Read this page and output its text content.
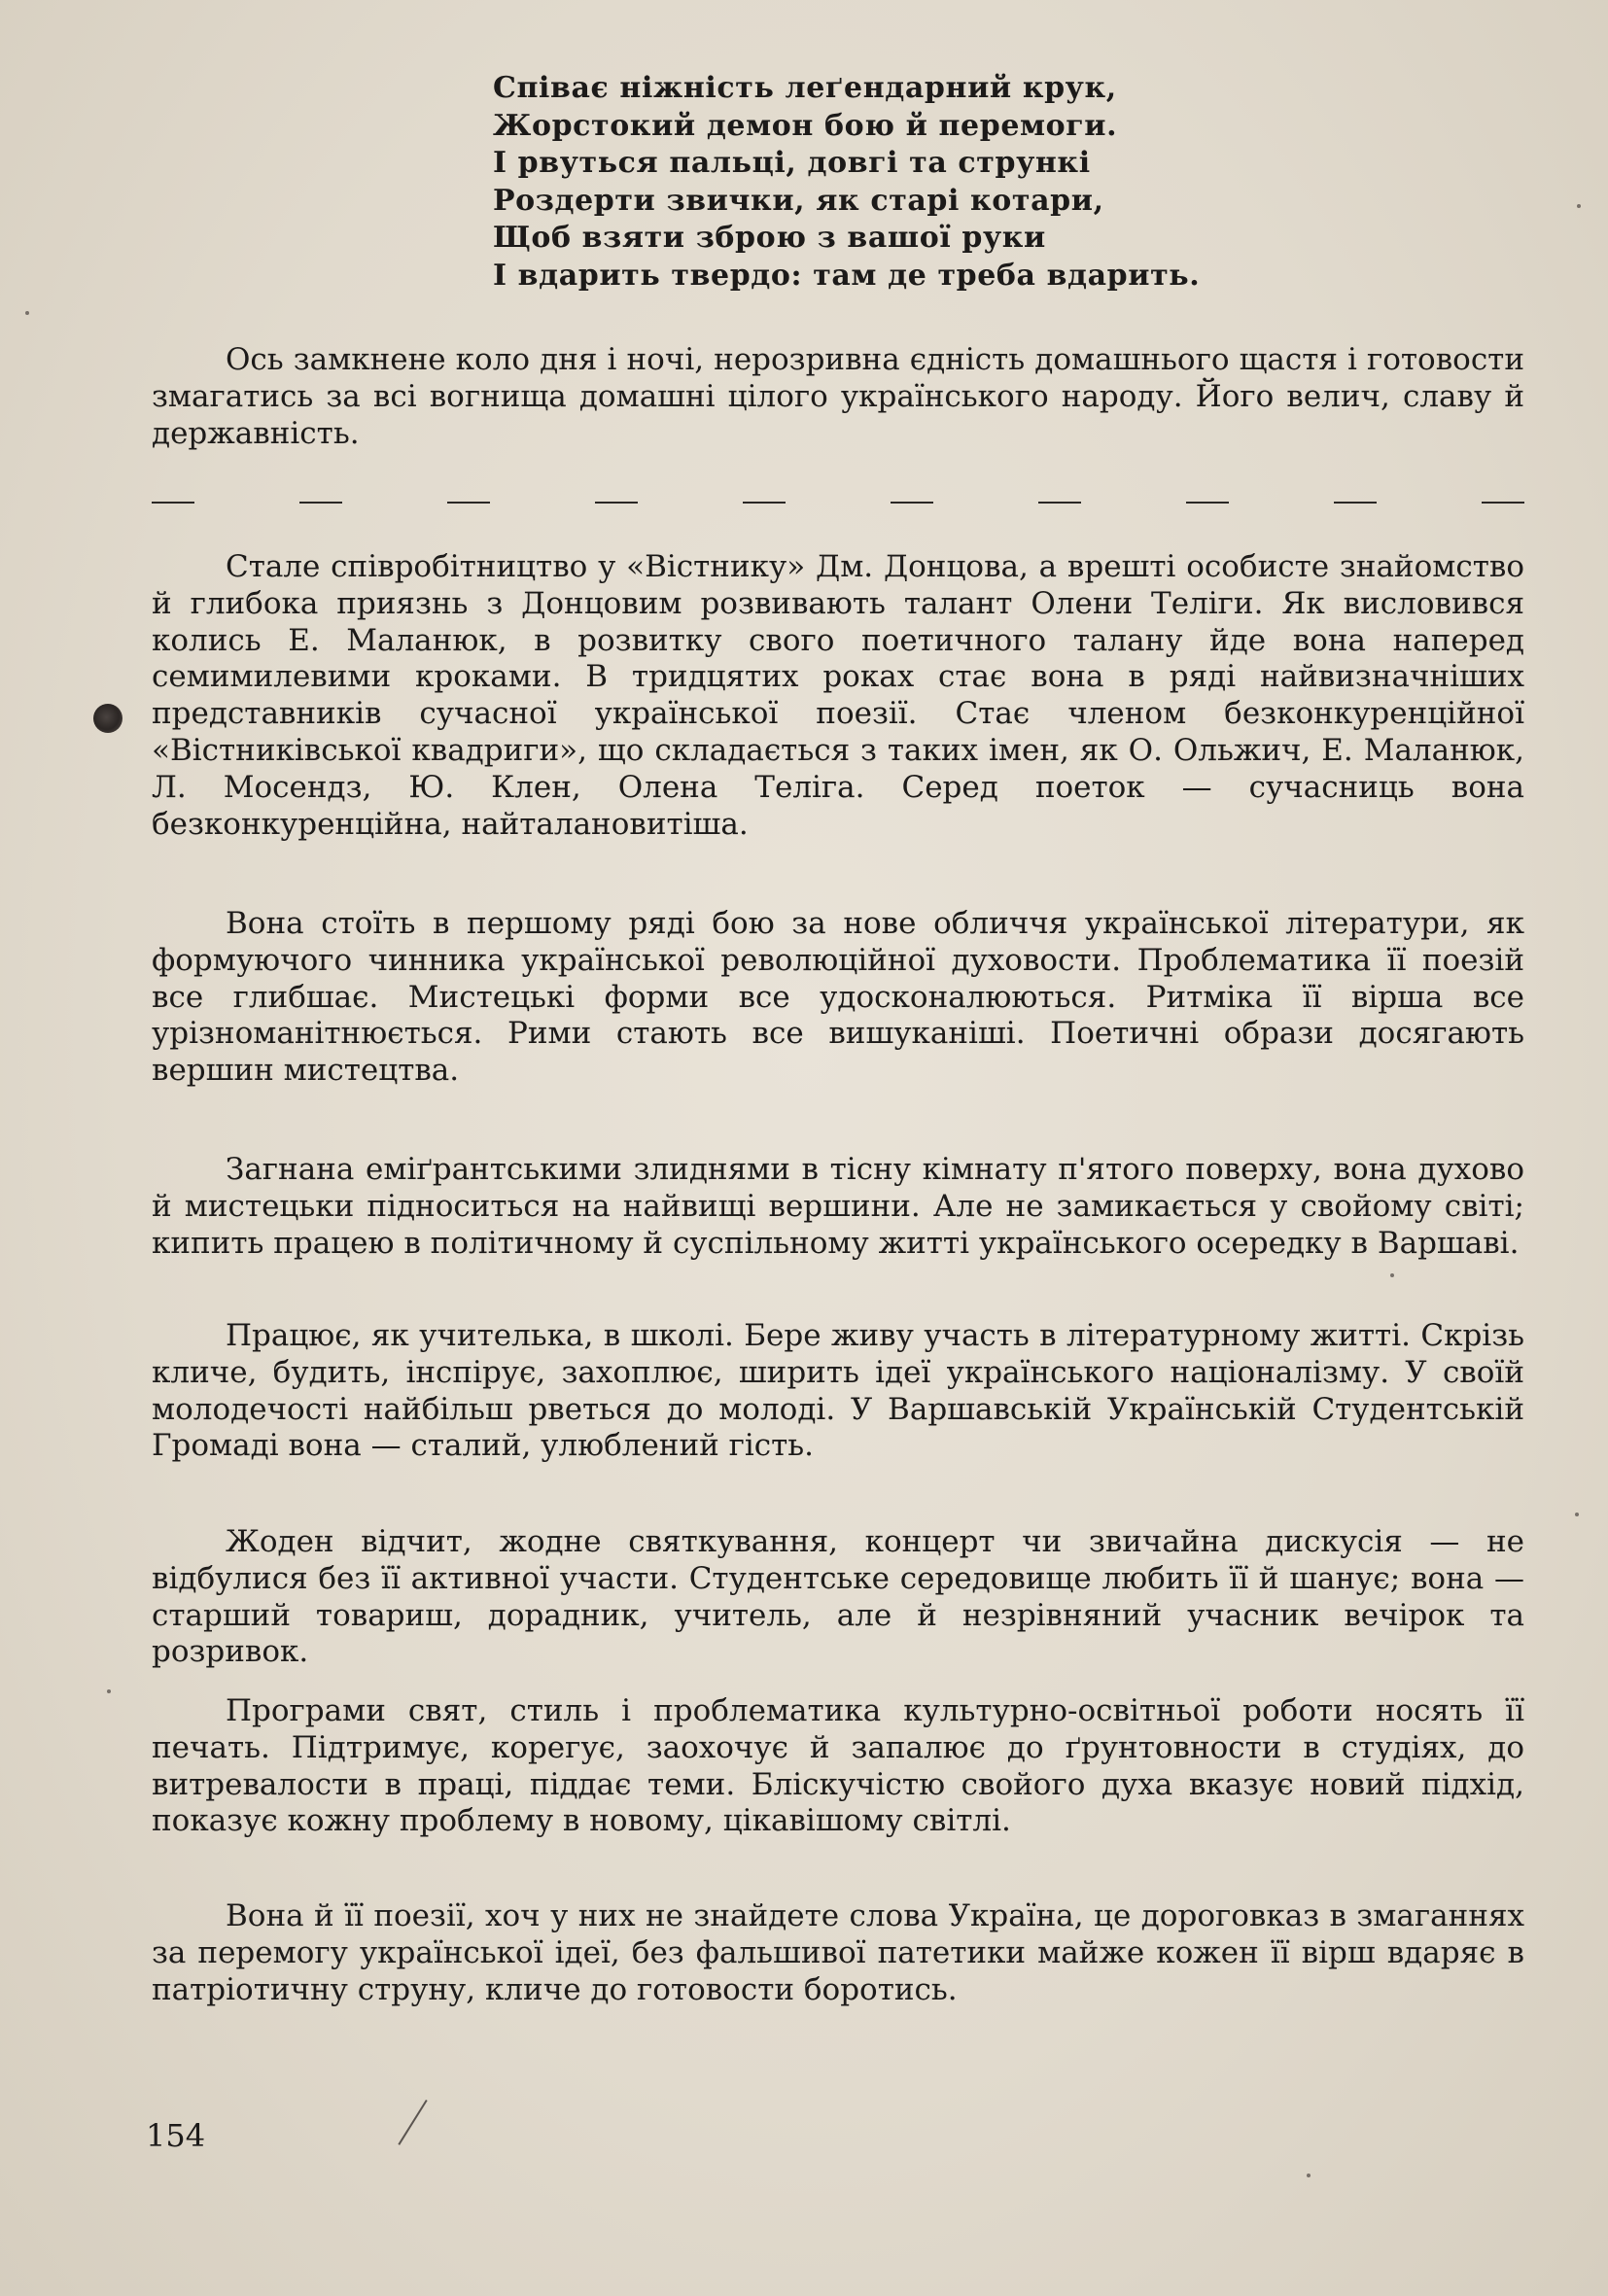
Співає ніжність леґендарний крук,
Жорстокий демон бою й перемоги.
І рвуться пальці, довгі та стрункі
Роздерти звички, як старі котари,
Щоб взяти зброю з вашої руки
І вдарить твердо: там де треба вдарить.

Ось замкнене коло дня і ночі, нерозривна єдність домашнього щастя і готовости змагатись за всі вогнища домашні цілого українського народу. Його велич, славу й державність.

Стале співробітництво у «Вістнику» Дм. Донцова, а врешті особисте знайомство й глибока приязнь з Донцовим розвивають талант Олени Теліги. Як висловився колись Е. Маланюк, в розвитку свого поетичного талану йде вона наперед семимилевими кроками. В тридцятих роках стає вона в ряді найвизначніших представників сучасної української поезії. Стає членом безконкуренційної «Вістниківської квадриги», що складається з таких імен, як О. Ольжич, Е. Маланюк, Л. Мосендз, Ю. Клен, Олена Теліга. Серед поеток — сучасниць вона безконкуренційна, найталановитіша.

Вона стоїть в першому ряді бою за нове обличчя української літератури, як формуючого чинника української революційної духовости. Проблематика її поезій все глибшає. Мистецькі форми все удосконалюються. Ритміка її вірша все урізноманітнюється. Рими стають все вишуканіші. Поетичні образи досягають вершин мистецтва.

Загнана еміґрантськими злиднями в тісну кімнату п'ятого поверху, вона духово й мистецьки підноситься на найвищі вершини. Але не замикається у свойому світі; кипить працею в політичному й суспільному житті українського осередку в Варшаві.

Працює, як учителька, в школі. Бере живу участь в літературному житті. Скрізь кличе, будить, інспірує, захоплює, ширить ідеї українського націоналізму. У своїй молодечості найбільш рветься до молоді. У Варшавській Українській Студентській Громаді вона — сталий, улюблений гість.

Жоден відчит, жодне святкування, концерт чи звичайна дискусія — не відбулися без її активної участи. Студентське середовище любить її й шанує; вона — старший товариш, дорадник, учитель, але й незрівняний учасник вечірок та розривок.

Програми свят, стиль і проблематика культурно-освітньої роботи носять її печать. Підтримує, корегує, заохочує й запалює до ґрунтовности в студіях, до витревалости в праці, піддає теми. Бліскучістю свойого духа вказує новий підхід, показує кожну проблему в новому, цікавішому світлі.

Вона й її поезії, хоч у них не знайдете слова Україна, це дороговказ в змаганнях за перемогу української ідеї, без фальшивої патетики майже кожен її вірш вдаряє в патріотичну струну, кличе до готовости боротись.

154
